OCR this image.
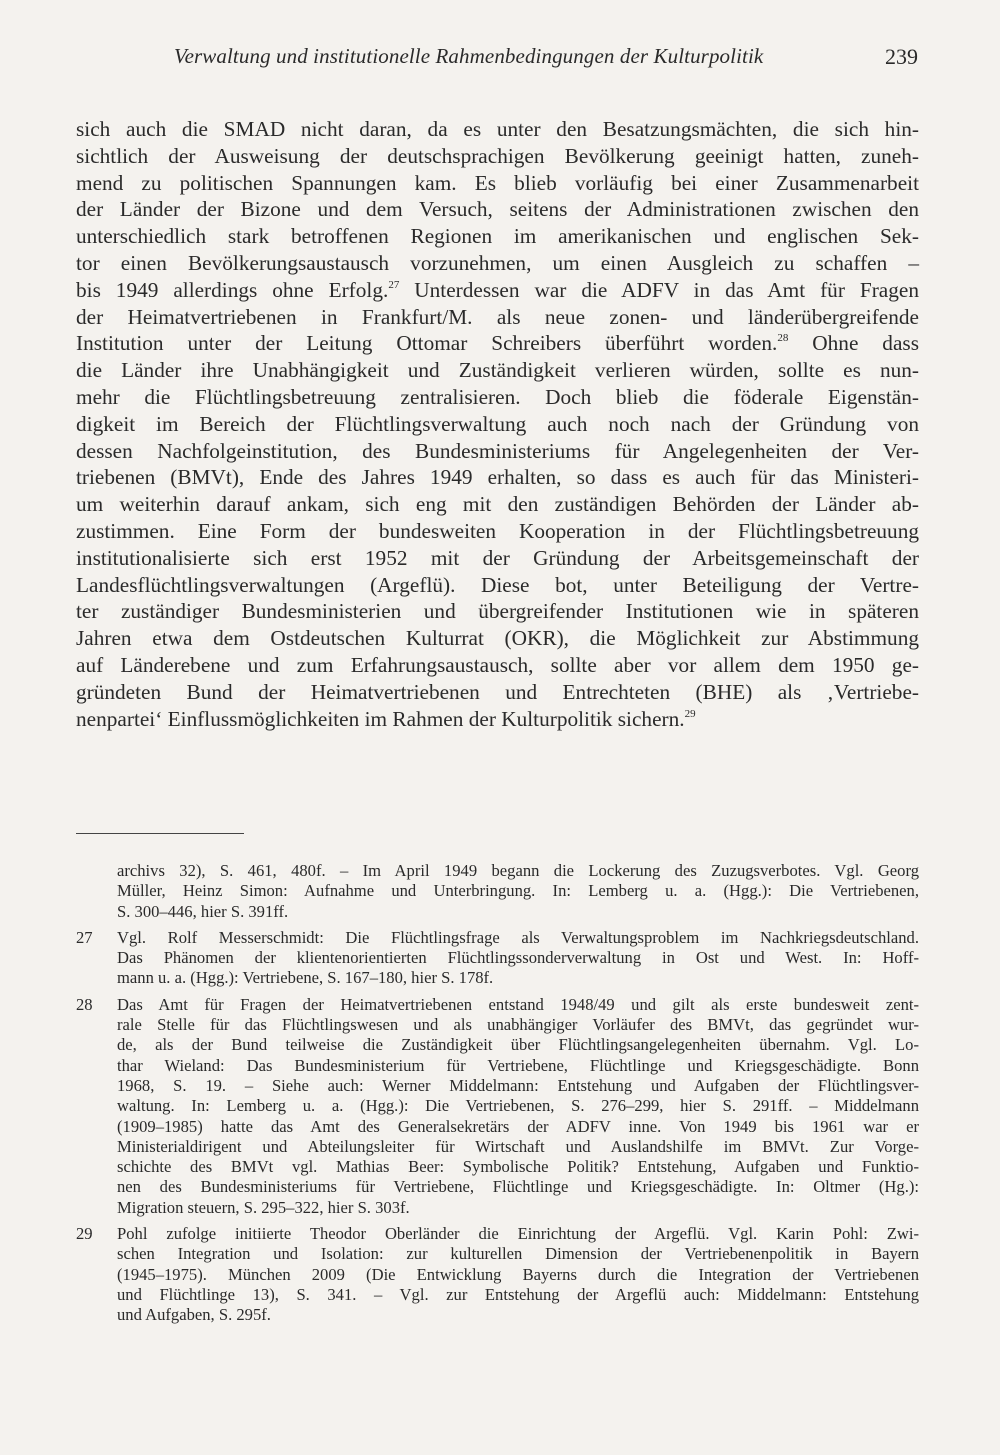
Verwaltung und institutionelle Rahmenbedingungen der Kulturpolitik	239
sich auch die SMAD nicht daran, da es unter den Besatzungsmächten, die sich hin-
sichtlich der Ausweisung der deutschsprachigen Bevölkerung geeinigt hatten, zuneh-
mend zu politischen Spannungen kam. Es blieb vorläufig bei einer Zusammenarbeit
der Länder der Bizone und dem Versuch, seitens der Administrationen zwischen den
unterschiedlich stark betroffenen Regionen im amerikanischen und englischen Sek-
tor einen Bevölkerungsaustausch vorzunehmen, um einen Ausgleich zu schaffen –
bis 1949 allerdings ohne Erfolg.$^{27}$ Unterdessen war die ADFV in das Amt für Fragen
der Heimatvertriebenen in Frankfurt/M. als neue zonen- und länderübergreifende
Institution unter der Leitung Ottomar Schreibers überführt worden.$^{28}$ Ohne dass
die Länder ihre Unabhängigkeit und Zuständigkeit verlieren würden, sollte es nun-
mehr die Flüchtlingsbetreuung zentralisieren. Doch blieb die föderale Eigenstän-
digkeit im Bereich der Flüchtlingsverwaltung auch noch nach der Gründung von
dessen Nachfolgeinstitution, des Bundesministeriums für Angelegenheiten der Ver-
triebenen (BMVt), Ende des Jahres 1949 erhalten, so dass es auch für das Ministeri-
um weiterhin darauf ankam, sich eng mit den zuständigen Behörden der Länder ab-
zustimmen. Eine Form der bundesweiten Kooperation in der Flüchtlingsbetreuung
institutionalisierte sich erst 1952 mit der Gründung der Arbeitsgemeinschaft der
Landesflüchtlingsverwaltungen (Argeflü). Diese bot, unter Beteiligung der Vertre-
ter zuständiger Bundesministerien und übergreifender Institutionen wie in späteren
Jahren etwa dem Ostdeutschen Kulturrat (OKR), die Möglichkeit zur Abstimmung
auf Länderebene und zum Erfahrungsaustausch, sollte aber vor allem dem 1950 ge-
gründeten Bund der Heimatvertriebenen und Entrechteten (BHE) als ‚Vertriebe-
nenpartei‘ Einflussmöglichkeiten im Rahmen der Kulturpolitik sichern.$^{29}$
archivs 32), S. 461, 480f. – Im April 1949 begann die Lockerung des Zuzugsverbotes. Vgl. Georg
Müller, Heinz Simon: Aufnahme und Unterbringung. In: Lemberg u. a. (Hgg.): Die Vertriebenen,
S. 300–446, hier S. 391ff.
27 Vgl. Rolf Messerschmidt: Die Flüchtlingsfrage als Verwaltungsproblem im Nachkriegsdeutschland.
Das Phänomen der klientenorientierten Flüchtlingssonderverwaltung in Ost und West. In: Hoff-
mann u. a. (Hgg.): Vertriebene, S. 167–180, hier S. 178f.
28 Das Amt für Fragen der Heimatvertriebenen entstand 1948/49 und gilt als erste bundesweit zent-
rale Stelle für das Flüchtlingswesen und als unabhängiger Vorläufer des BMVt, das gegründet wur-
de, als der Bund teilweise die Zuständigkeit über Flüchtlingsangelegenheiten übernahm. Vgl. Lo-
thar Wieland: Das Bundesministerium für Vertriebene, Flüchtlinge und Kriegsgeschädigte. Bonn
1968, S. 19. – Siehe auch: Werner Middelmann: Entstehung und Aufgaben der Flüchtlingsver-
waltung. In: Lemberg u. a. (Hgg.): Die Vertriebenen, S. 276–299, hier S. 291ff. – Middelmann
(1909–1985) hatte das Amt des Generalsekretärs der ADFV inne. Von 1949 bis 1961 war er
Ministerialdirigent und Abteilungsleiter für Wirtschaft und Auslandshilfe im BMVt. Zur Vorge-
schichte des BMVt vgl. Mathias Beer: Symbolische Politik? Entstehung, Aufgaben und Funktio-
nen des Bundesministeriums für Vertriebene, Flüchtlinge und Kriegsgeschädigte. In: Oltmer (Hg.):
Migration steuern, S. 295–322, hier S. 303f.
29 Pohl zufolge initiierte Theodor Oberländer die Einrichtung der Argeflü. Vgl. Karin Pohl: Zwi-
schen Integration und Isolation: zur kulturellen Dimension der Vertriebenenpolitik in Bayern
(1945–1975). München 2009 (Die Entwicklung Bayerns durch die Integration der Vertriebenen
und Flüchtlinge 13), S. 341. – Vgl. zur Entstehung der Argeflü auch: Middelmann: Entstehung
und Aufgaben, S. 295f.
